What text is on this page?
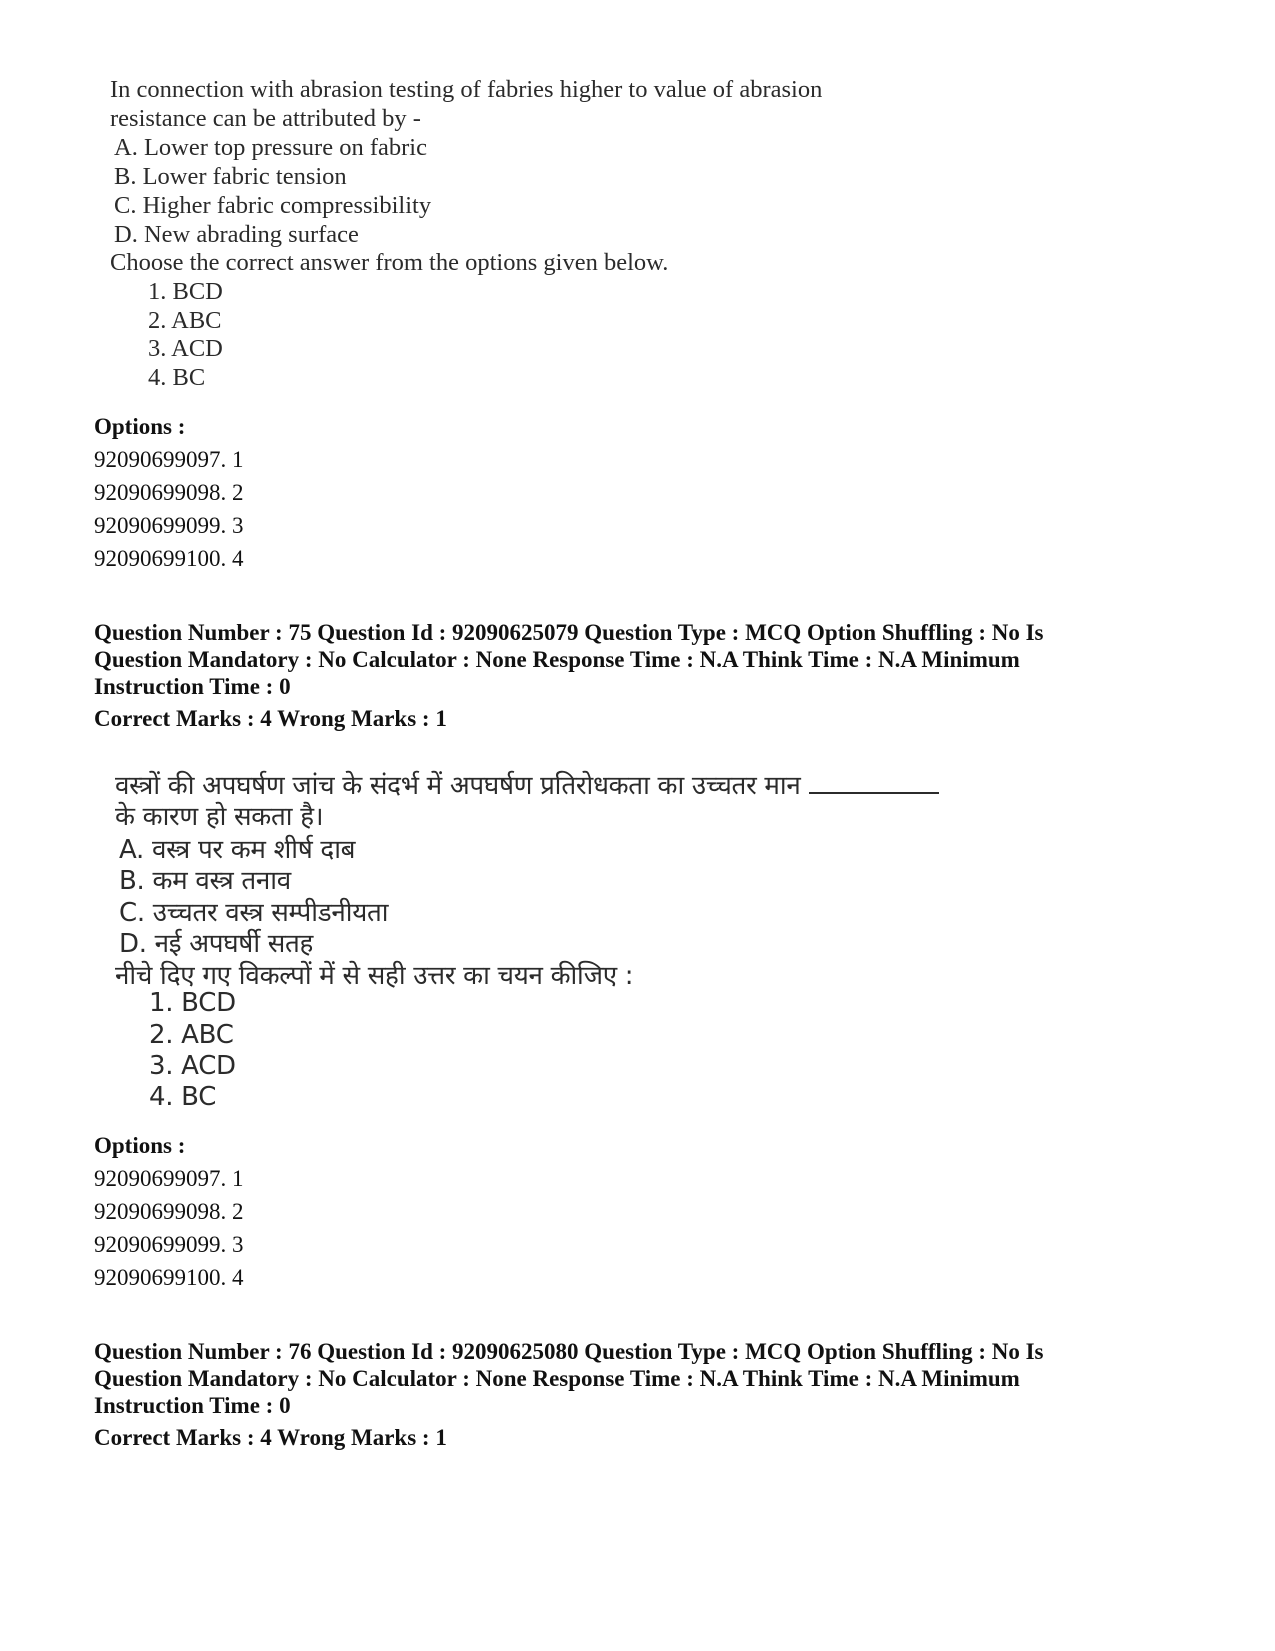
In connection with abrasion testing of fabries higher to value of abrasion
resistance can be attributed by -
A. Lower top pressure on fabric
B. Lower fabric tension
C. Higher fabric compressibility
D. New abrading surface
Choose the correct answer from the options given below.
1. BCD
2. ABC
3. ACD
4. BC
Options :
92090699097. 1
92090699098. 2
92090699099. 3
92090699100. 4
Question Number : 75 Question Id : 92090625079 Question Type : MCQ Option Shuffling : No Is
Question Mandatory : No Calculator : None Response Time : N.A Think Time : N.A Minimum
Instruction Time : 0
Correct Marks : 4 Wrong Marks : 1
वस्त्रों की अपघर्षण जांच के संदर्भ में अपघर्षण प्रतिरोधकता का उच्चतर मान
के कारण हो सकता है।
A. वस्त्र पर कम शीर्ष दाब
B. कम वस्त्र तनाव
C. उच्चतर वस्त्र सम्पीडनीयता
D. नई अपघर्षी सतह
नीचे दिए गए विकल्पों में से सही उत्तर का चयन कीजिए :
1. BCD
2. ABC
3. ACD
4. BC
Options :
92090699097. 1
92090699098. 2
92090699099. 3
92090699100. 4
Question Number : 76 Question Id : 92090625080 Question Type : MCQ Option Shuffling : No Is
Question Mandatory : No Calculator : None Response Time : N.A Think Time : N.A Minimum
Instruction Time : 0
Correct Marks : 4 Wrong Marks : 1
